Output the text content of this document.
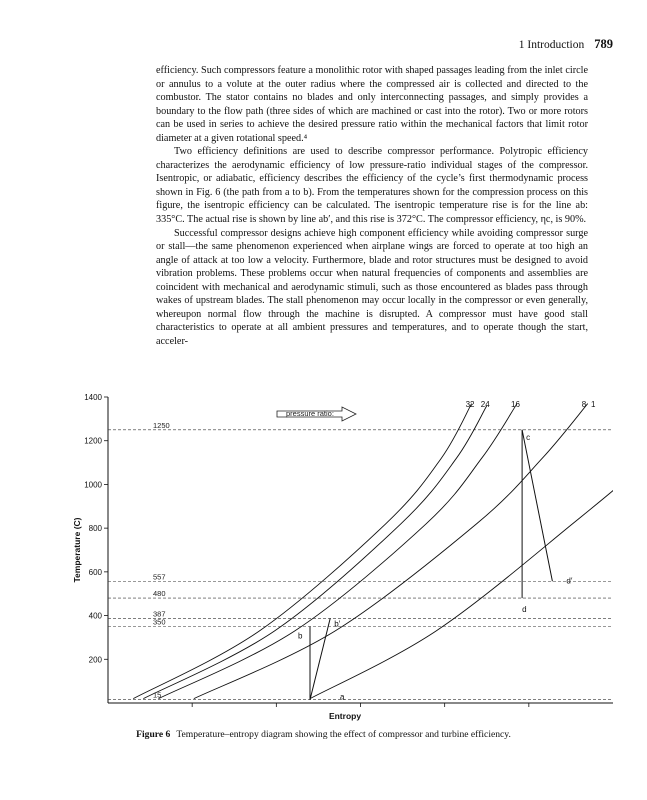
1 Introduction 789

efficiency. Such compressors feature a monolithic rotor with shaped passages leading from the inlet circle or annulus to a volute at the outer radius where the compressed air is collected and directed to the combustor. The stator contains no blades and only interconnecting passages, and simply provides a boundary to the flow path (three sides of which are machined or cast into the rotor). Two or more rotors can be used in series to achieve the desired pressure ratio within the mechanical factors that limit rotor diameter at a given rotational speed.⁴

Two efficiency definitions are used to describe compressor performance. Polytropic efficiency characterizes the aerodynamic efficiency of low pressure-ratio individual stages of the compressor. Isentropic, or adiabatic, efficiency describes the efficiency of the cycle’s first thermodynamic process shown in Fig. 6 (the path from a to b). From the temperatures shown for the compression process on this figure, the isentropic efficiency can be calculated. The isentropic temperature rise is for the line ab: 335°C. The actual rise is shown by line ab′, and this rise is 372°C. The compressor efficiency, ηc, is 90%.

Successful compressor designs achieve high component efficiency while avoiding compressor surge or stall—the same phenomenon experienced when airplane wings are forced to operate at too high an angle of attack at too low a velocity. Furthermore, blade and rotor structures must be designed to avoid vibration problems. These problems occur when natural frequencies of components and assemblies are coincident with mechanical and aerodynamic stimuli, such as those encountered as blades pass through wakes of upstream blades. The stall phenomenon may occur locally in the compressor or even generally, whereupon normal flow through the machine is disrupted. A compressor must have good stall characteristics to operate at all ambient pressures and temperatures, and to operate though the start, acceler-

200
400
600
800
1000
1200
1400
1250
557
480
387
350
15
32 24	16	8 1
a
b
b′
c
d
d′
pressure ratio:
Entropy
Temperature (C)
Figure 6 Temperature–entropy diagram showing the effect of compressor and turbine efficiency.
